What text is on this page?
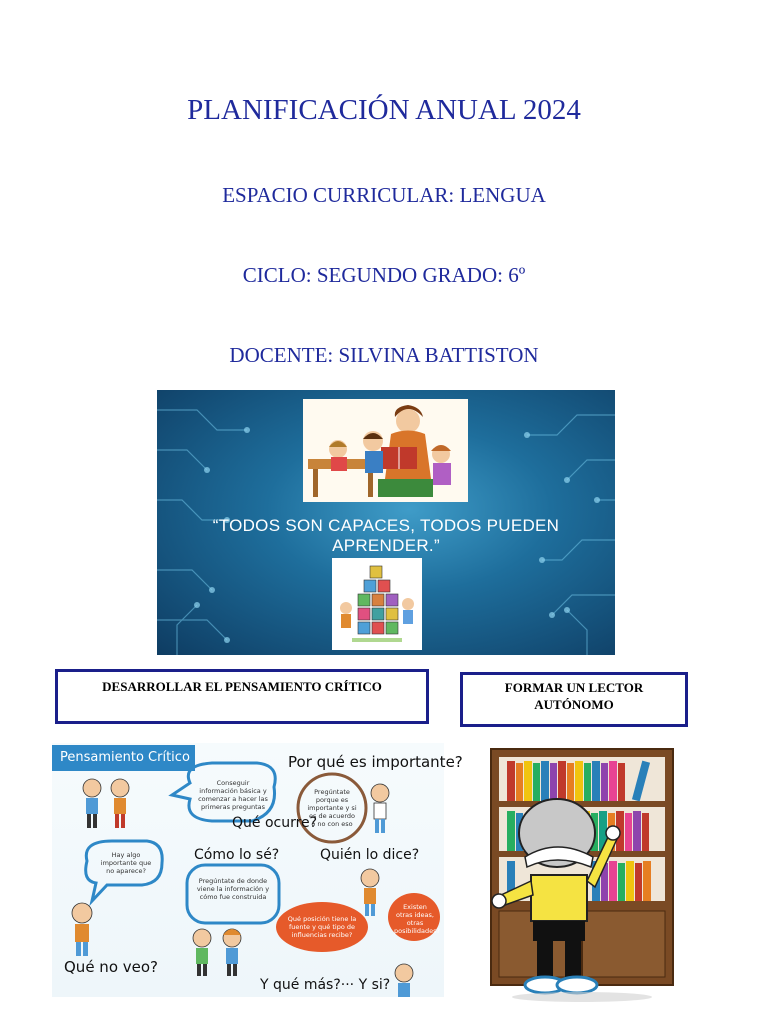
PLANIFICACIÓN ANUAL 2024
ESPACIO CURRICULAR: LENGUA
CICLO: SEGUNDO GRADO: 6º
DOCENTE: SILVINA BATTISTON
“TODOS SON CAPACES, TODOS PUEDEN APRENDER.”
DESARROLLAR EL PENSAMIENTO CRÍTICO	FORMAR UN LECTOR
AUTÓNOMO
Pensamiento Crítico	Por qué es importante?
Qué ocurre?
Cómo lo sé?	Quién lo dice?
Qué no veo?
Y qué más?··· Y si?
Conseguir información básica y comenzar a hacer las primeras preguntas
Pregúntate porque es importante y si es de acuerdo o no con eso
Hay algo importante que no aparece?
Pregúntate de donde viene la información y cómo fue construida
Qué posición tiene la fuente y qué tipo de influencias recibe?
Existen otras ideas, otras posibilidades?
